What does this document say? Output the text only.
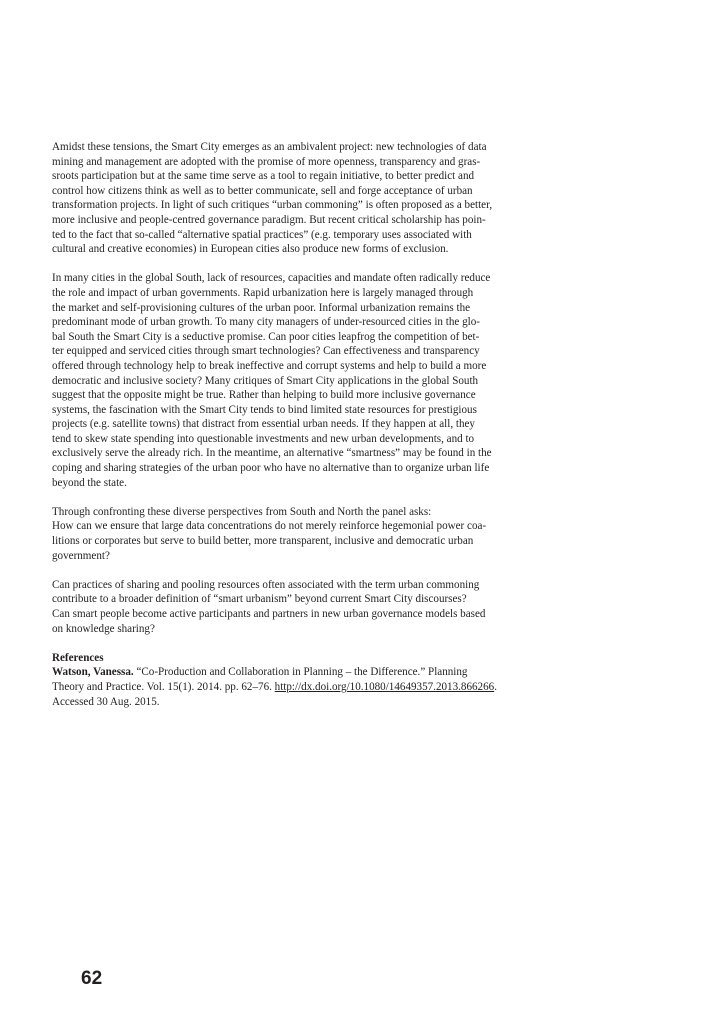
Amidst these tensions, the Smart City emerges as an ambivalent project: new technologies of data
mining and management are adopted with the promise of more openness, transparency and gras-
sroots participation but at the same time serve as a tool to regain initiative, to better predict and
control how citizens think as well as to better communicate, sell and forge acceptance of urban
transformation projects. In light of such critiques “urban commoning” is often proposed as a better,
more inclusive and people-centred governance paradigm. But recent critical scholarship has poin-
ted to the fact that so-called “alternative spatial practices” (e.g. temporary uses associated with
cultural and creative economies) in European cities also produce new forms of exclusion.

In many cities in the global South, lack of resources, capacities and mandate often radically reduce
the role and impact of urban governments. Rapid urbanization here is largely managed through
the market and self-provisioning cultures of the urban poor. Informal urbanization remains the
predominant mode of urban growth. To many city managers of under-resourced cities in the glo-
bal South the Smart City is a seductive promise. Can poor cities leapfrog the competition of bet-
ter equipped and serviced cities through smart technologies? Can effectiveness and transparency
offered through technology help to break ineffective and corrupt systems and help to build a more
democratic and inclusive society? Many critiques of Smart City applications in the global South
suggest that the opposite might be true. Rather than helping to build more inclusive governance
systems, the fascination with the Smart City tends to bind limited state resources for prestigious
projects (e.g. satellite towns) that distract from essential urban needs. If they happen at all, they
tend to skew state spending into questionable investments and new urban developments, and to
exclusively serve the already rich. In the meantime, an alternative “smartness” may be found in the
coping and sharing strategies of the urban poor who have no alternative than to organize urban life
beyond the state.

Through confronting these diverse perspectives from South and North the panel asks:
How can we ensure that large data concentrations do not merely reinforce hegemonial power coa-
litions or corporates but serve to build better, more transparent, inclusive and democratic urban
government?

Can practices of sharing and pooling resources often associated with the term urban commoning
contribute to a broader definition of “smart urbanism” beyond current Smart City discourses?
Can smart people become active participants and partners in new urban governance models based
on knowledge sharing?

References

Watson, Vanessa. “Co-Production and Collaboration in Planning – the Difference.” Planning
Theory and Practice. Vol. 15(1). 2014. pp. 62–76. http://dx.doi.org/10.1080/14649357.2013.866266.
Accessed 30 Aug. 2015.
62
